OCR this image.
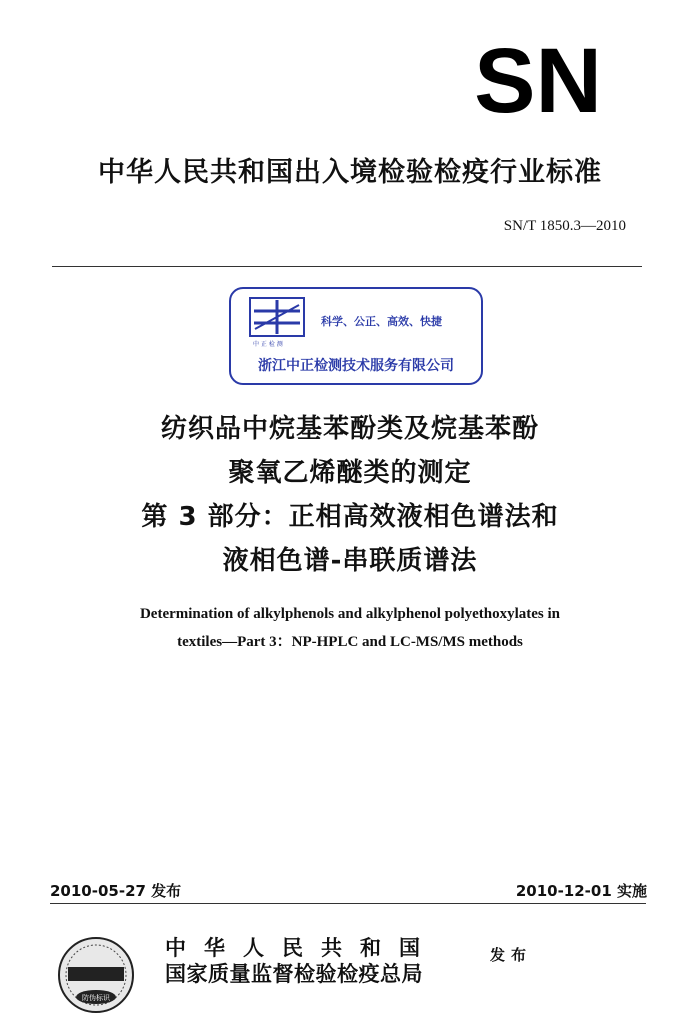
SN
中华人民共和国出入境检验检疫行业标准
SN/T 1850.3—2010
科学、公正、高效、快捷
中 正 检 测
浙江中正检测技术服务有限公司
纺织品中烷基苯酚类及烷基苯酚
聚氧乙烯醚类的测定
第 3 部分：正相高效液相色谱法和
液相色谱-串联质谱法
Determination of alkylphenols and alkylphenol polyethoxylates in
textiles—Part 3：NP-HPLC and LC-MS/MS methods
2010-05-27 发布	2010-12-01 实施
防伪标识
中华人民共和国
国家质量监督检验检疫总局
发布
